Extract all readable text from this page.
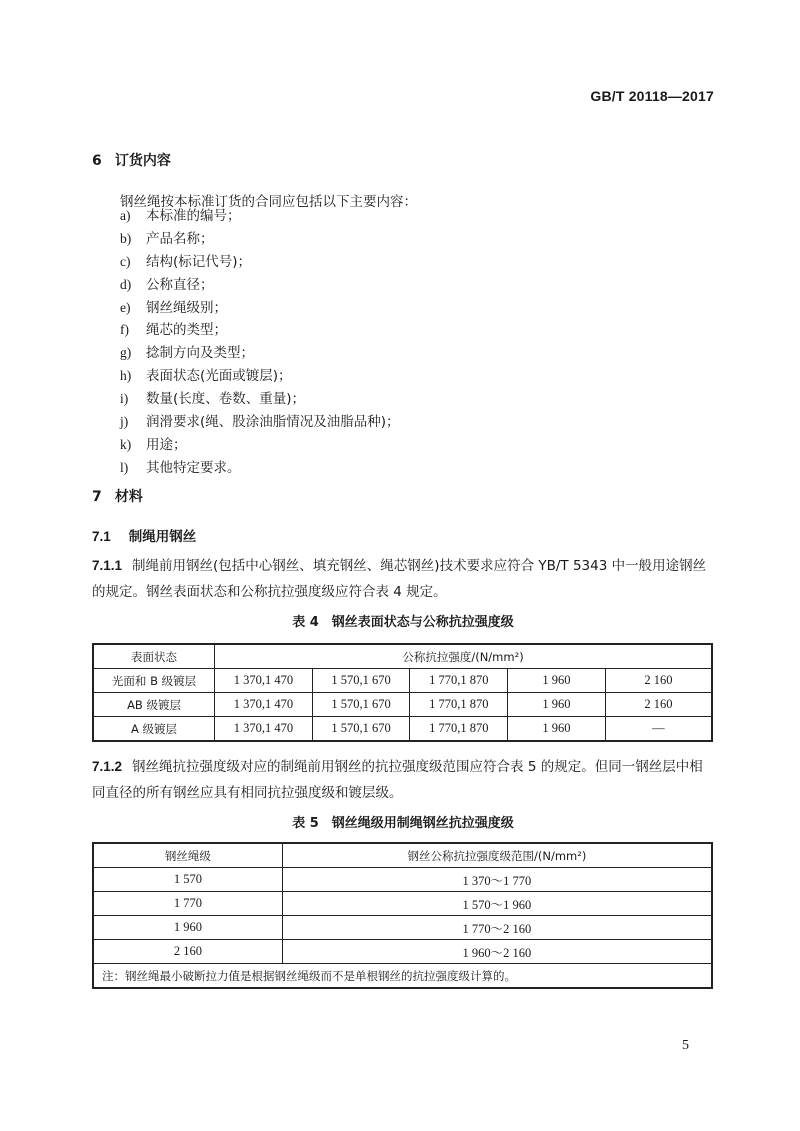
GB/T 20118—2017
6 订货内容
钢丝绳按本标准订货的合同应包括以下主要内容：
a) 本标准的编号；
b) 产品名称；
c) 结构(标记代号)；
d) 公称直径；
e) 钢丝绳级别；
f) 绳芯的类型；
g) 捻制方向及类型；
h) 表面状态(光面或镀层)；
i) 数量(长度、卷数、重量)；
j) 润滑要求(绳、股涂油脂情况及油脂品种)；
k) 用途；
l) 其他特定要求。
7 材料
7.1 制绳用钢丝
7.1.1 制绳前用钢丝(包括中心钢丝、填充钢丝、绳芯钢丝)技术要求应符合 YB/T 5343 中一般用途钢丝的规定。钢丝表面状态和公称抗拉强度级应符合表 4 规定。
表 4　钢丝表面状态与公称抗拉强度级
表面状态	公称抗拉强度/(N/mm²)				
光面和 B 级镀层	1 370,1 470	1 570,1 670	1 770,1 870	1 960	2 160
AB 级镀层	1 370,1 470	1 570,1 670	1 770,1 870	1 960	2 160
A 级镀层	1 370,1 470	1 570,1 670	1 770,1 870	1 960	—
7.1.2 钢丝绳抗拉强度级对应的制绳前用钢丝的抗拉强度级范围应符合表 5 的规定。但同一钢丝层中相同直径的所有钢丝应具有相同抗拉强度级和镀层级。
表 5　钢丝绳级用制绳钢丝抗拉强度级
钢丝绳级	钢丝公称抗拉强度级范围/(N/mm²)
1 570	1 370～1 770
1 770	1 570～1 960
1 960	1 770～2 160
2 160	1 960～2 160
注：钢丝绳最小破断拉力值是根据钢丝绳级而不是单根钢丝的抗拉强度级计算的。	
5
